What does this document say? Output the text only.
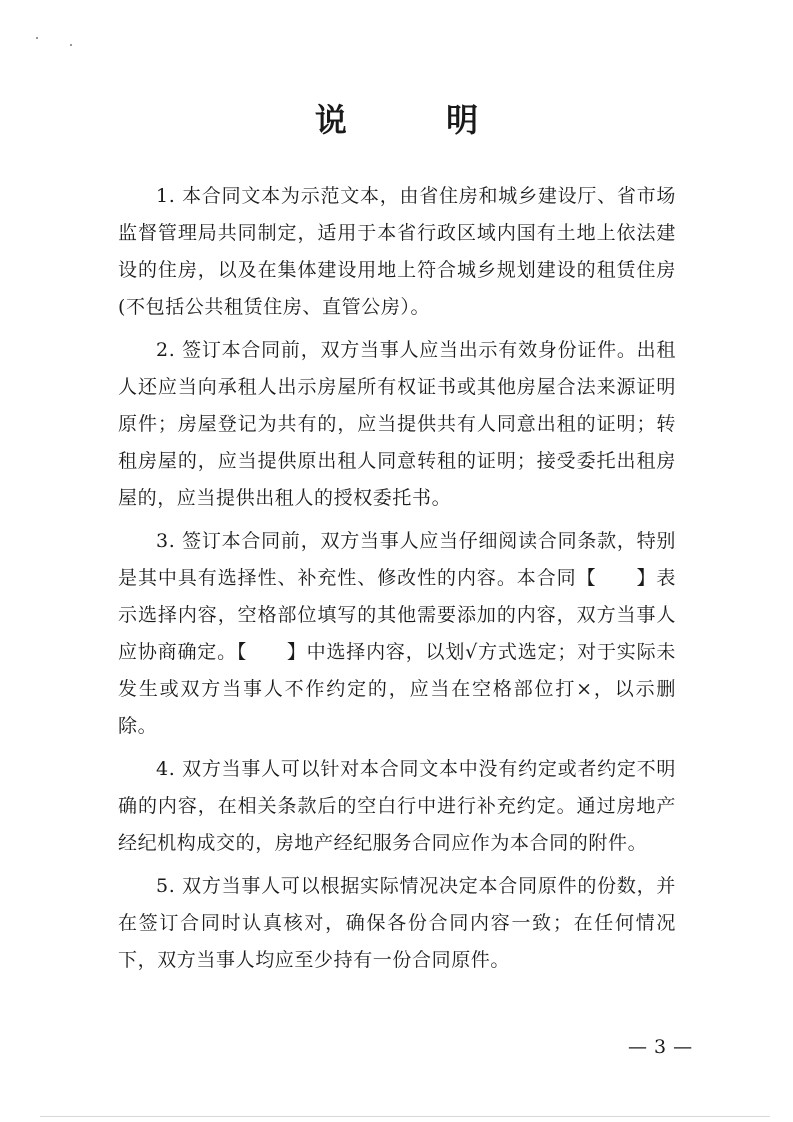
说 明

1. 本合同文本为示范文本，由省住房和城乡建设厅、省市场监督管理局共同制定，适用于本省行政区域内国有土地上依法建设的住房，以及在集体建设用地上符合城乡规划建设的租赁住房(不包括公共租赁住房、直管公房）。

2. 签订本合同前，双方当事人应当出示有效身份证件。出租人还应当向承租人出示房屋所有权证书或其他房屋合法来源证明原件；房屋登记为共有的，应当提供共有人同意出租的证明；转租房屋的，应当提供原出租人同意转租的证明；接受委托出租房屋的，应当提供出租人的授权委托书。

3. 签订本合同前，双方当事人应当仔细阅读合同条款，特别是其中具有选择性、补充性、修改性的内容。本合同【　　】表示选择内容，空格部位填写的其他需要添加的内容，双方当事人应协商确定。【　　】中选择内容，以划√方式选定；对于实际未发生或双方当事人不作约定的，应当在空格部位打×，以示删除。

4. 双方当事人可以针对本合同文本中没有约定或者约定不明确的内容，在相关条款后的空白行中进行补充约定。通过房地产经纪机构成交的，房地产经纪服务合同应作为本合同的附件。

5. 双方当事人可以根据实际情况决定本合同原件的份数，并在签订合同时认真核对，确保各份合同内容一致；在任何情况下，双方当事人均应至少持有一份合同原件。

— 3 —
